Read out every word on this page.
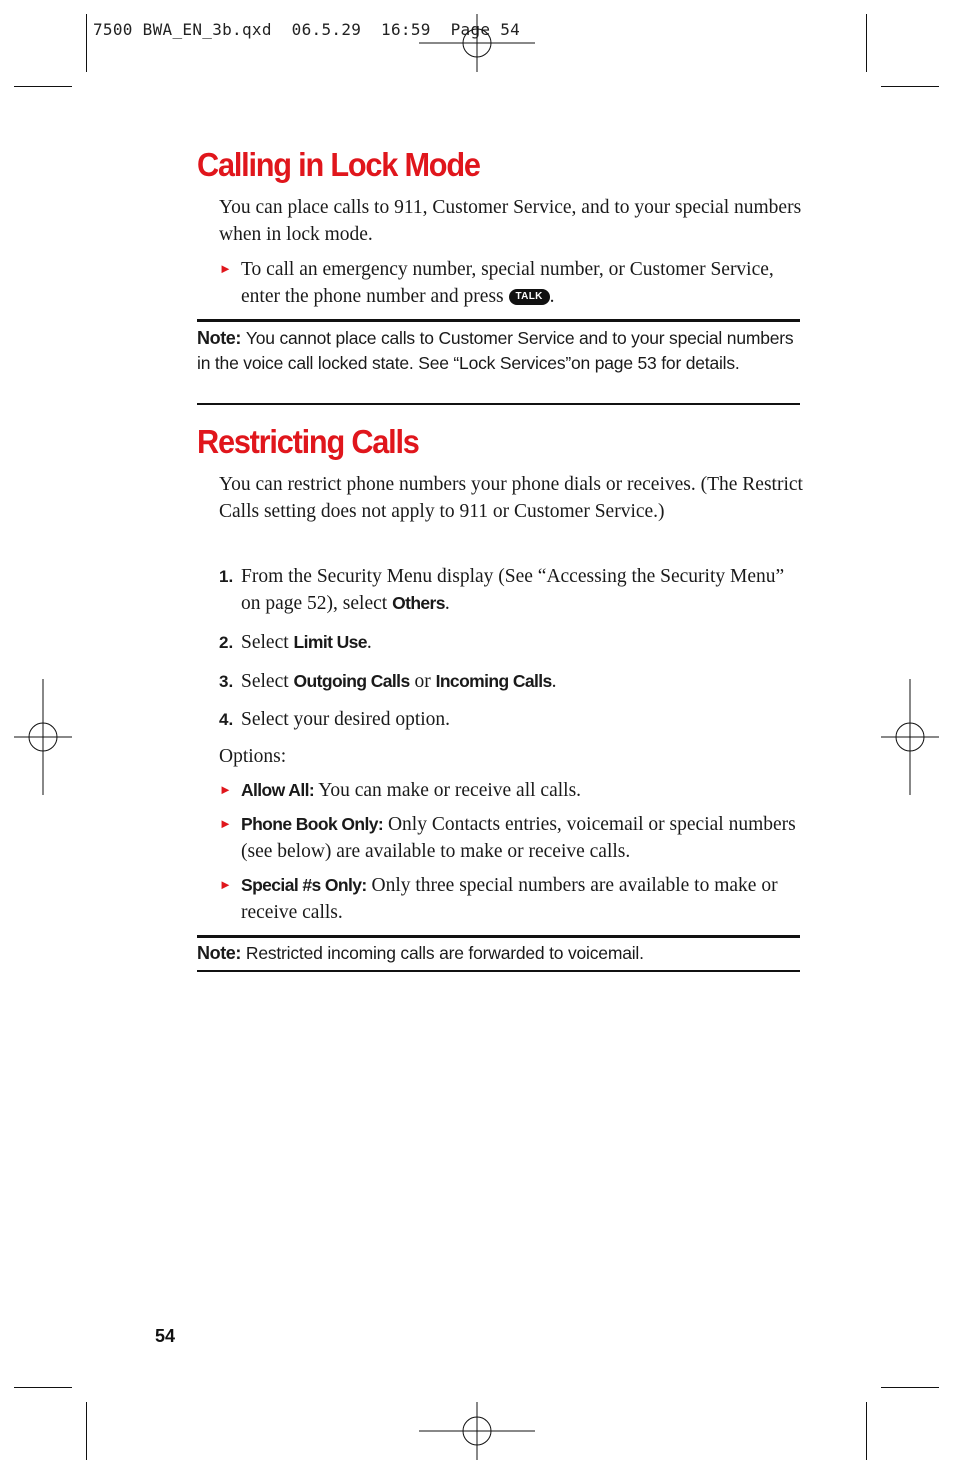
7500 BWA_EN_3b.qxd  06.5.29  16:59  Page 54
Calling in Lock Mode

You can place calls to 911, Customer Service, and to your special numbers when in lock mode.

► To call an emergency number, special number, or Customer Service, enter the phone number and press TALK .
Note: You cannot place calls to Customer Service and to your special numbers in the voice call locked state. See “Lock Services”on page 53 for details.
Restricting Calls

You can restrict phone numbers your phone dials or receives. (The Restrict Calls setting does not apply to 911 or Customer Service.)

1. From the Security Menu display (See “Accessing the Security Menu” on page 52), select Others.
2. Select Limit Use.
3. Select Outgoing Calls or Incoming Calls.
4. Select your desired option.

Options:

► Allow All: You can make or receive all calls.
► Phone Book Only: Only Contacts entries, voicemail or special numbers (see below) are available to make or receive calls.
► Special #s Only: Only three special numbers are available to make or receive calls.
Note: Restricted incoming calls are forwarded to voicemail.
54
